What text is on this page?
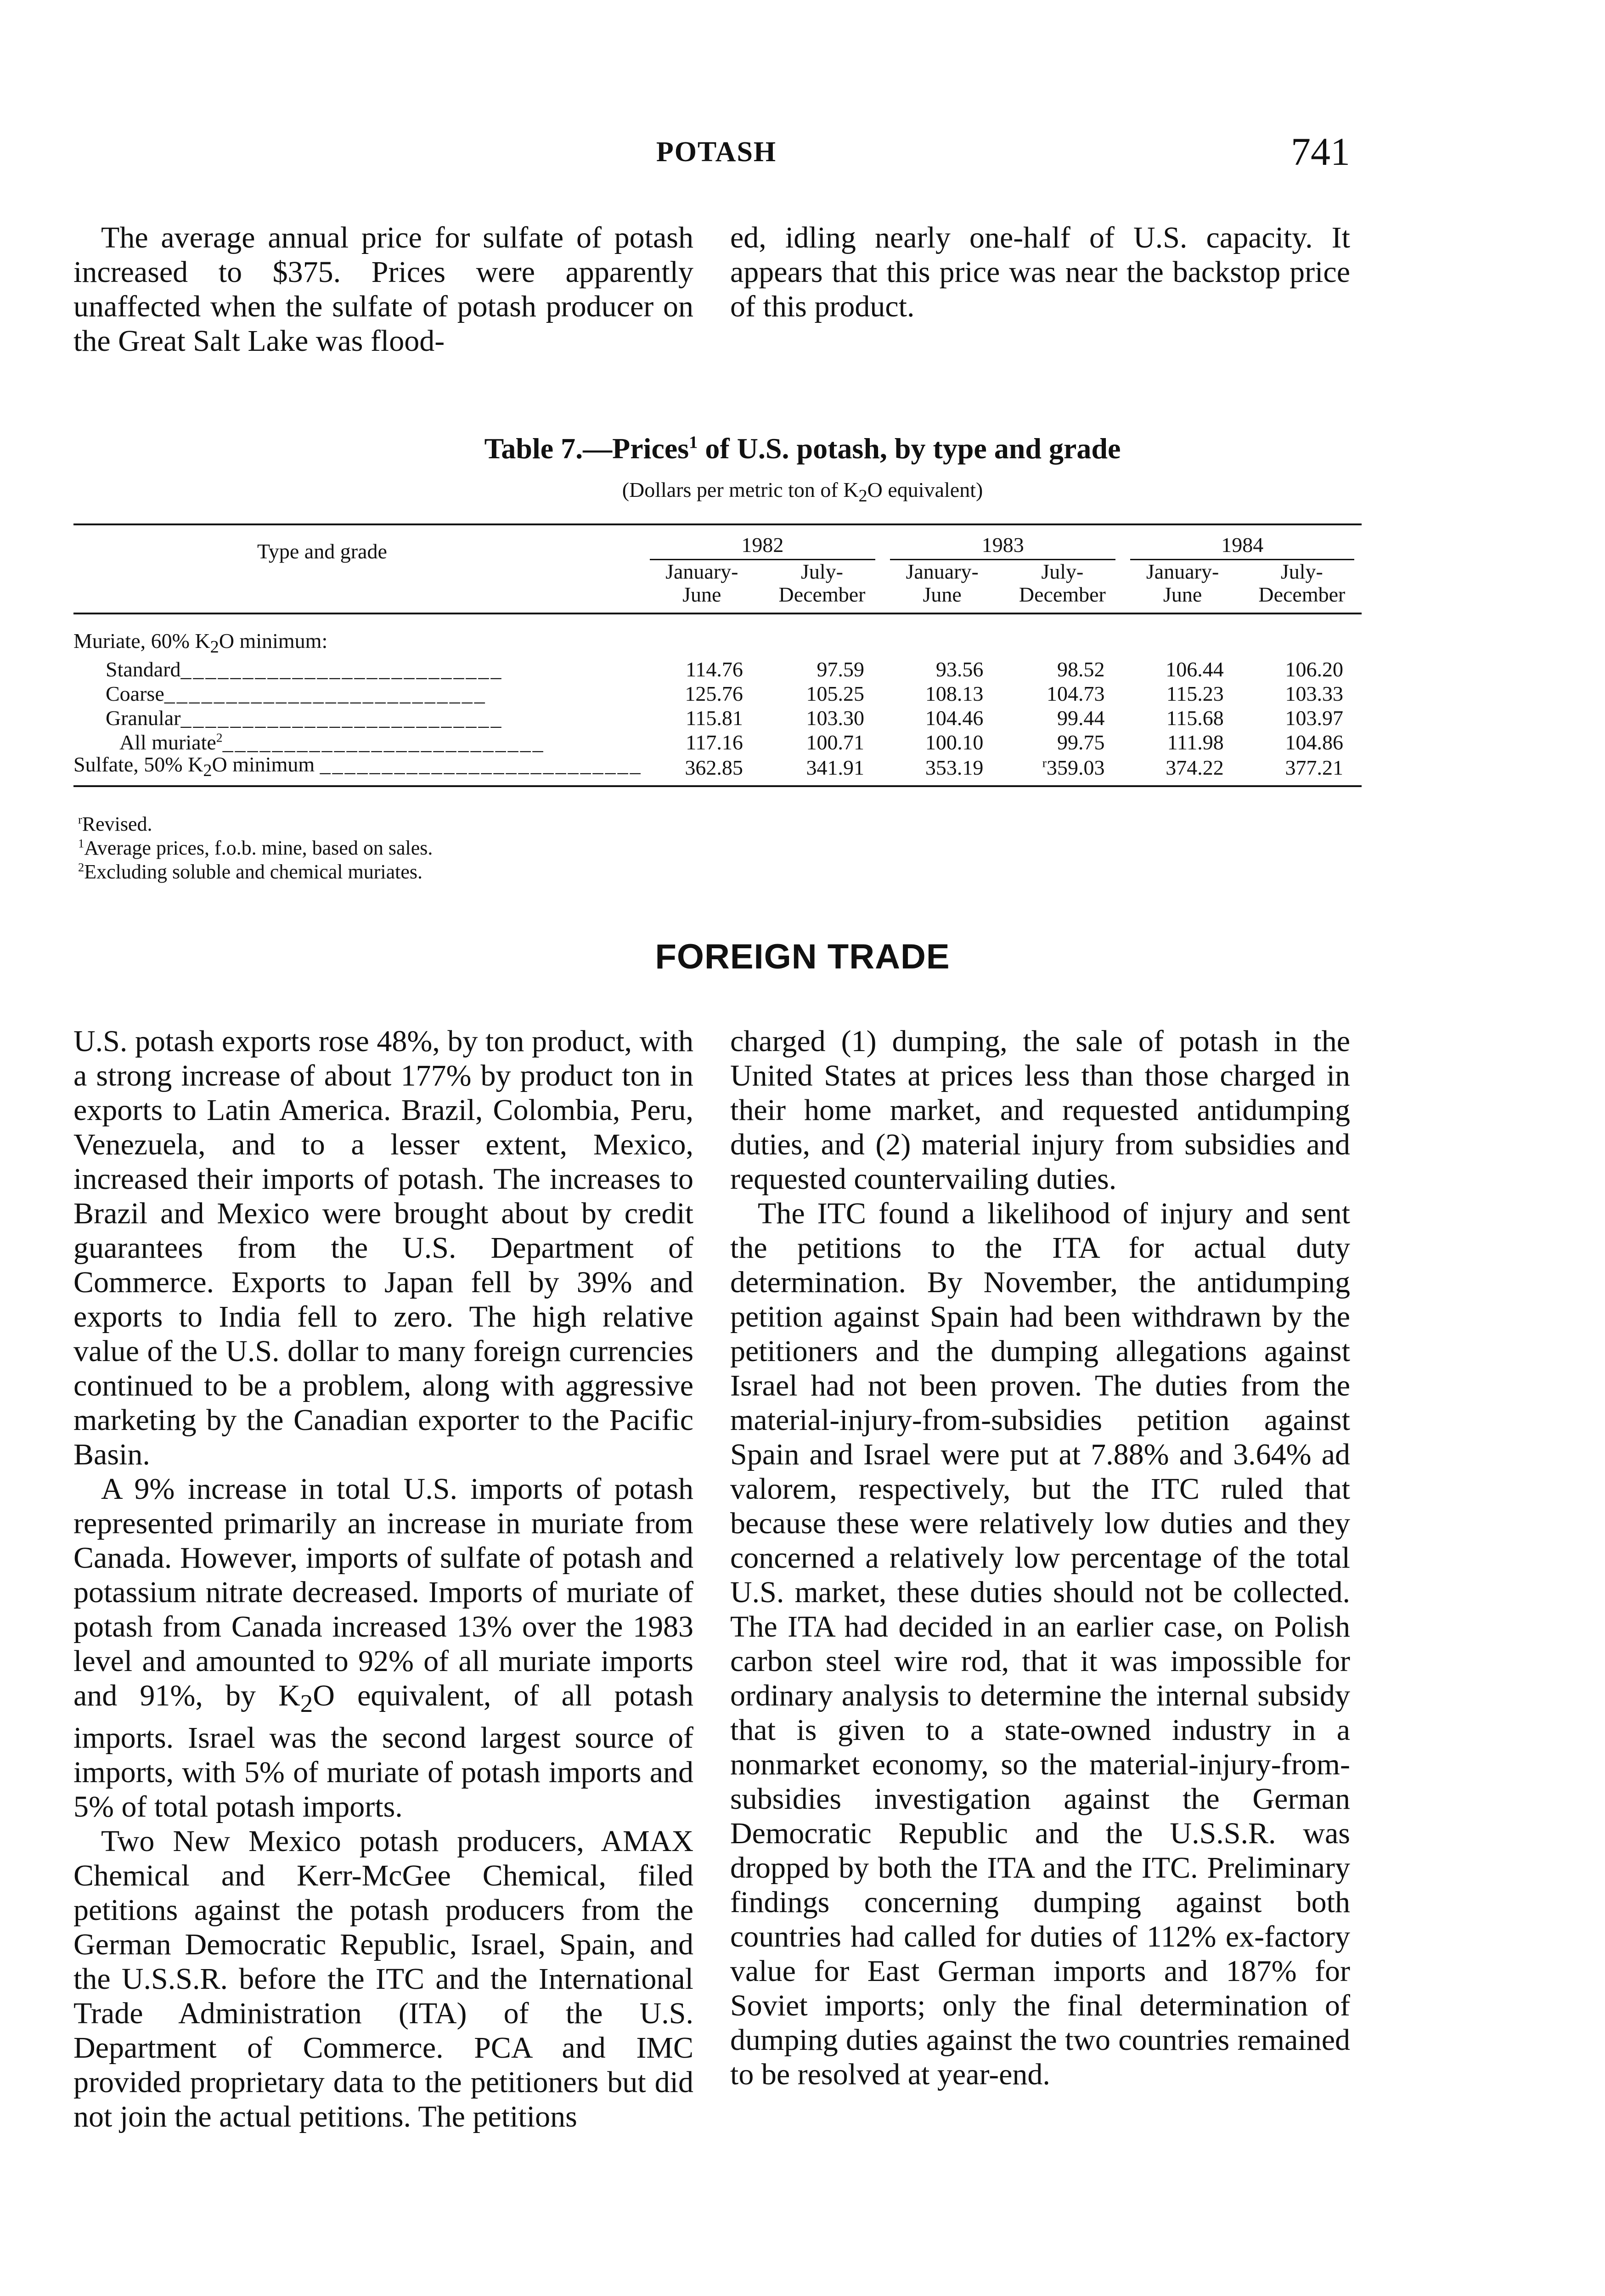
POTASH	741

The average annual price for sulfate of potash increased to $375. Prices were apparently unaffected when the sulfate of potash producer on the Great Salt Lake was flood-

ed, idling nearly one-half of U.S. capacity. It appears that this price was near the backstop price of this product.

Table 7.—Prices$^1$ of U.S. potash, by type and grade
(Dollars per metric ton of $K_2O$ equivalent)
Type and grade	1982		1983		1984	

	January-
June	July-
December	January-
June	July-
December	January-
June	July-
December
Muriate, 60% $K_2O$ minimum:						
Standard__________________________	114.76	97.59	93.56	98.52	106.44	106.20
Coarse__________________________	125.76	105.25	108.13	104.73	115.23	103.33
Granular__________________________	115.81	103.30	104.46	99.44	115.68	103.97
All muriate$^2$__________________________	117.16	100.71	100.10	99.75	111.98	104.86
Sulfate, 50% $K_2O$ minimum __________________________	362.85	341.91	353.19	$^r$359.03	374.22	377.21
$^r$Revised.
$^1$Average prices, f.o.b. mine, based on sales.
$^2$Excluding soluble and chemical muriates.
FOREIGN TRADE

U.S. potash exports rose 48%, by ton product, with a strong increase of about 177% by product ton in exports to Latin America. Brazil, Colombia, Peru, Venezuela, and to a lesser extent, Mexico, increased their imports of potash. The increases to Brazil and Mexico were brought about by credit guarantees from the U.S. Department of Commerce. Exports to Japan fell by 39% and exports to India fell to zero. The high relative value of the U.S. dollar to many foreign currencies continued to be a problem, along with aggressive marketing by the Canadian exporter to the Pacific Basin.

A 9% increase in total U.S. imports of potash represented primarily an increase in muriate from Canada. However, imports of sulfate of potash and potassium nitrate decreased. Imports of muriate of potash from Canada increased 13% over the 1983 level and amounted to 92% of all muriate imports and 91%, by $K_2O$ equivalent, of all potash imports. Israel was the second largest source of imports, with 5% of muriate of potash imports and 5% of total potash imports.

Two New Mexico potash producers, AMAX Chemical and Kerr-McGee Chemical, filed petitions against the potash producers from the German Democratic Republic, Israel, Spain, and the U.S.S.R. before the ITC and the International Trade Administration (ITA) of the U.S. Department of Commerce. PCA and IMC provided proprietary data to the petitioners but did not join the actual petitions. The petitions

charged (1) dumping, the sale of potash in the United States at prices less than those charged in their home market, and requested antidumping duties, and (2) material injury from subsidies and requested countervailing duties.

The ITC found a likelihood of injury and sent the petitions to the ITA for actual duty determination. By November, the antidumping petition against Spain had been withdrawn by the petitioners and the dumping allegations against Israel had not been proven. The duties from the material-injury-from-subsidies petition against Spain and Israel were put at 7.88% and 3.64% ad valorem, respectively, but the ITC ruled that because these were relatively low duties and they concerned a relatively low percentage of the total U.S. market, these duties should not be collected. The ITA had decided in an earlier case, on Polish carbon steel wire rod, that it was impossible for ordinary analysis to determine the internal subsidy that is given to a state-owned industry in a nonmarket economy, so the material-injury-from-subsidies investigation against the German Democratic Republic and the U.S.S.R. was dropped by both the ITA and the ITC. Preliminary findings concerning dumping against both countries had called for duties of 112% ex-factory value for East German imports and 187% for Soviet imports; only the final determination of dumping duties against the two countries remained to be resolved at year-end.
